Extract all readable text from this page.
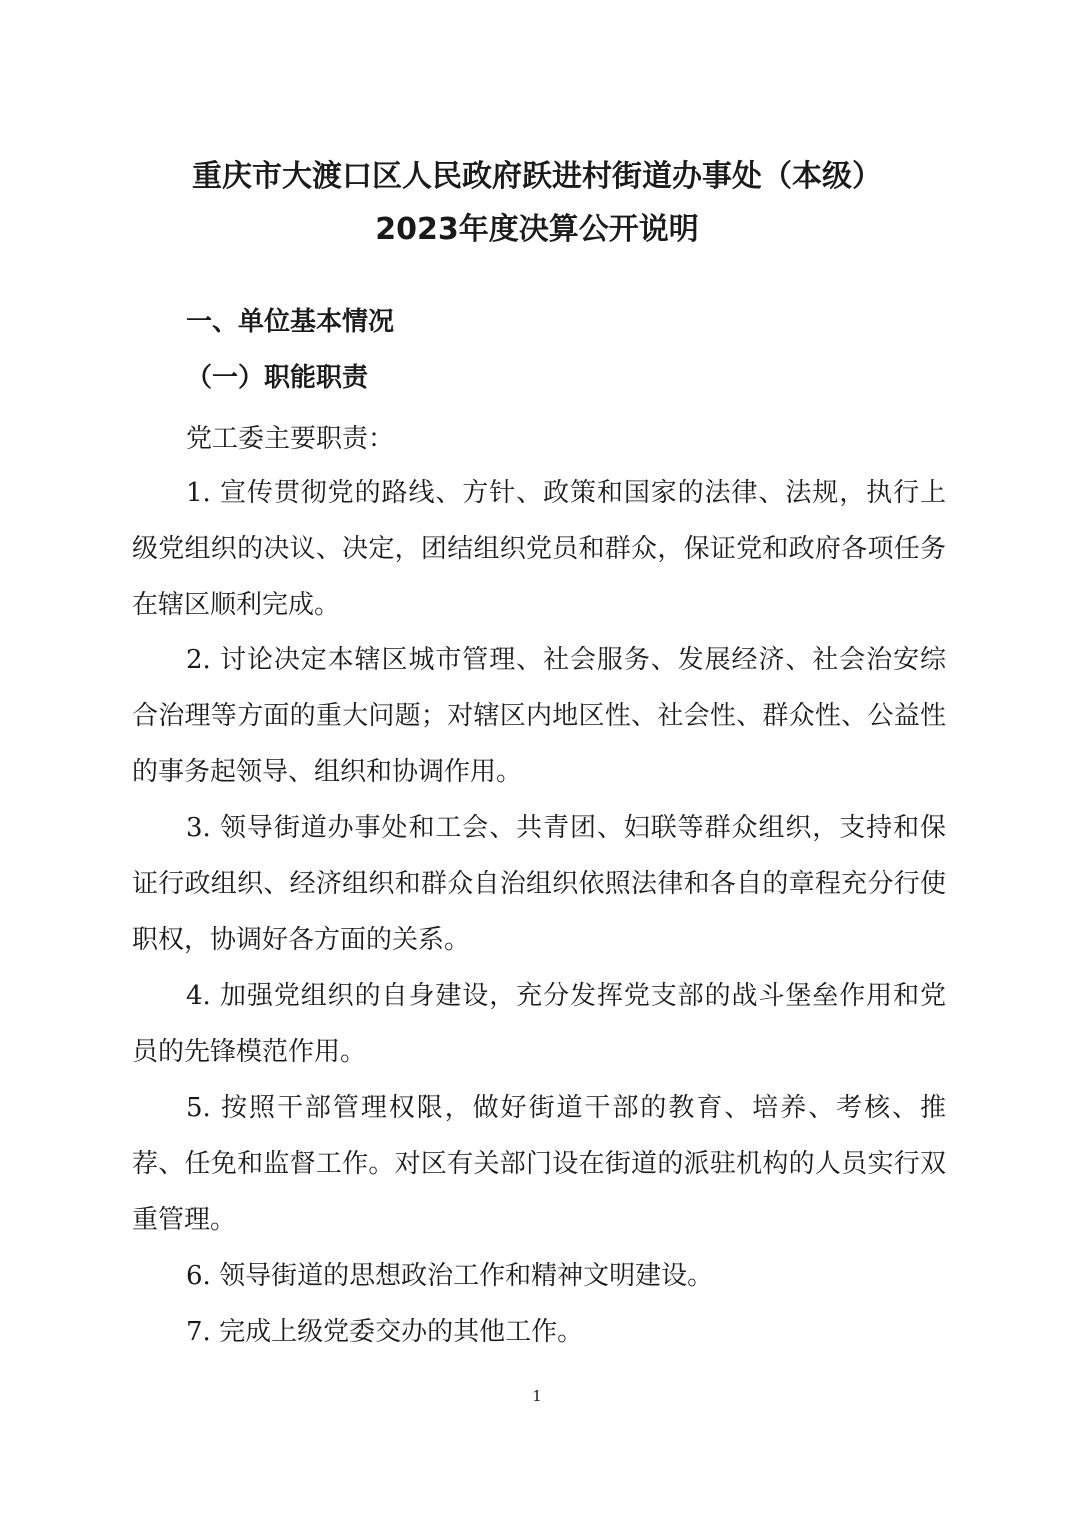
重庆市大渡口区人民政府跃进村街道办事处（本级）
2023年度决算公开说明
一、单位基本情况
（一）职能职责

党工委主要职责：

1. 宣传贯彻党的路线、方针、政策和国家的法律、法规，执行上级党组织的决议、决定，团结组织党员和群众，保证党和政府各项任务在辖区顺利完成。

2. 讨论决定本辖区城市管理、社会服务、发展经济、社会治安综合治理等方面的重大问题；对辖区内地区性、社会性、群众性、公益性的事务起领导、组织和协调作用。

3. 领导街道办事处和工会、共青团、妇联等群众组织，支持和保证行政组织、经济组织和群众自治组织依照法律和各自的章程充分行使职权，协调好各方面的关系。

4. 加强党组织的自身建设，充分发挥党支部的战斗堡垒作用和党员的先锋模范作用。

5. 按照干部管理权限，做好街道干部的教育、培养、考核、推荐、任免和监督工作。对区有关部门设在街道的派驻机构的人员实行双重管理。

6. 领导街道的思想政治工作和精神文明建设。

7. 完成上级党委交办的其他工作。

1
